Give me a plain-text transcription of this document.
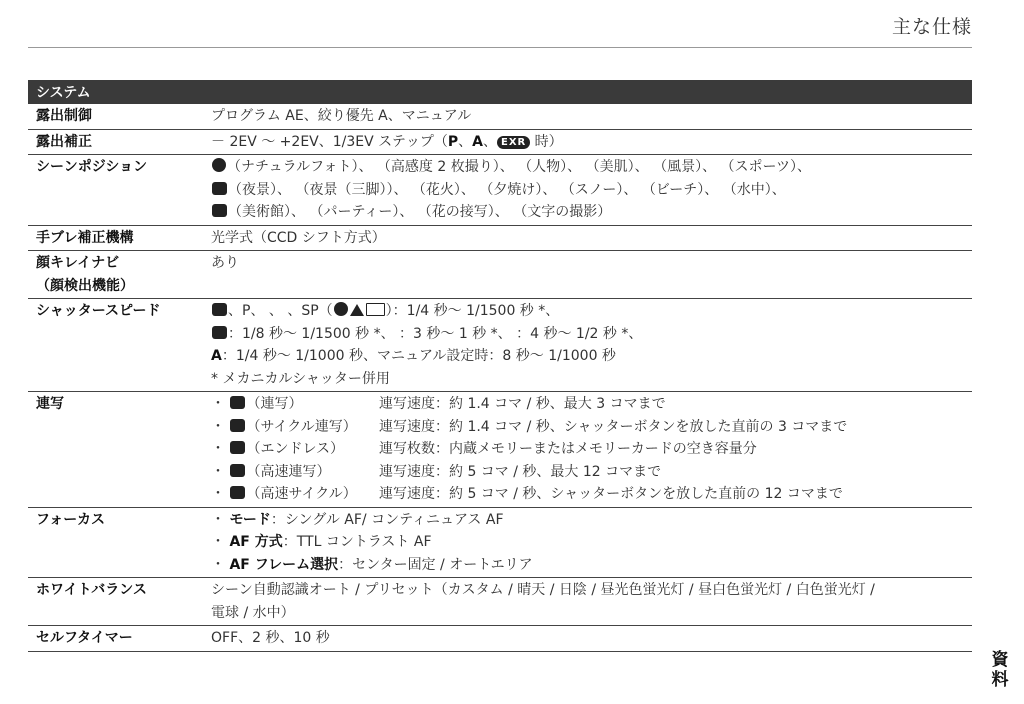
主な仕様
システム	
露出制御	プログラム AE、絞り優先 A、マニュアル
露出補正	－ 2EV ～ +2EV、1/3EV ステップ（P、A、 EXR 時）
シーンポジション	（ナチュラルフォト）、 （高感度 2 枚撮り）、 （人物）、 （美肌）、 （風景）、 （スポーツ）、
（夜景）、 （夜景（三脚））、 （花火）、 （夕焼け）、 （スノー）、 （ビーチ）、 （水中）、
（美術館）、 （パーティー）、 （花の接写）、 （文字の撮影）

手ブレ補正機構	光学式（CCD シフト方式）

顔キレイナビ
（顔検出機能）	あり
シャッタースピード	、P、 、 、SP（ ）：1/4 秒～ 1/1500 秒 *、
：1/8 秒～ 1/1500 秒 *、 ：3 秒～ 1 秒 *、 ：4 秒～ 1/2 秒 *、
A：1/4 秒～ 1/1000 秒、マニュアル設定時：8 秒～ 1/1000 秒
* メカニカルシャッター併用

連写	・ （連写） 連写速度：約 1.4 コマ / 秒、最大 3 コマまで
・ （サイクル連写） 連写速度：約 1.4 コマ / 秒、シャッターボタンを放した直前の 3 コマまで
・ （エンドレス） 連写枚数：内蔵メモリーまたはメモリーカードの空き容量分
・ （高速連写） 連写速度：約 5 コマ / 秒、最大 12 コマまで
・ （高速サイクル） 連写速度：約 5 コマ / 秒、シャッターボタンを放した直前の 12 コマまで

フォーカス	・ モード：シングル AF/ コンティニュアス AF
・ AF 方式：TTL コントラスト AF
・ AF フレーム選択：センター固定 / オートエリア

ホワイトバランス	シーン自動認識オート / プリセット（カスタム / 晴天 / 日陰 / 昼光色蛍光灯 / 昼白色蛍光灯 / 白色蛍光灯 /
電球 / 水中）

セルフタイマー	OFF、2 秒、10 秒
資
料
